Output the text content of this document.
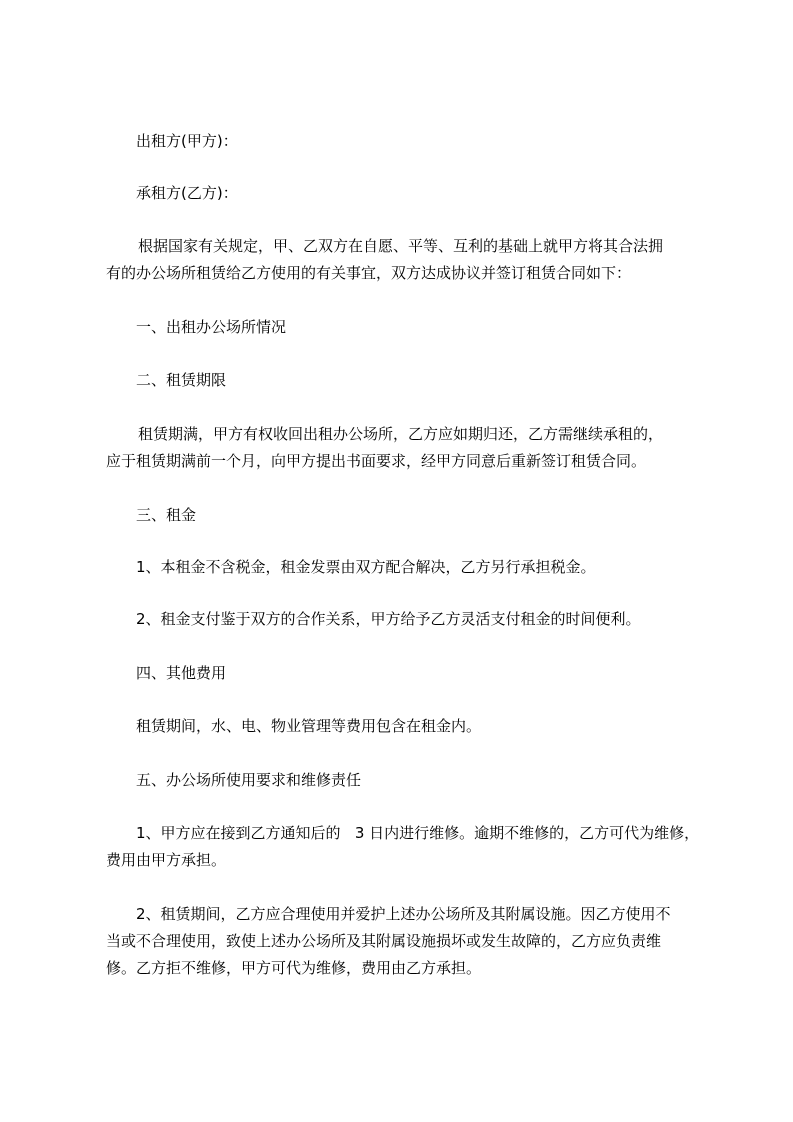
出租方(甲方)：
承租方(乙方)：
根据国家有关规定，甲、乙双方在自愿、平等、互利的基础上就甲方将其合法拥
有的办公场所租赁给乙方使用的有关事宜，双方达成协议并签订租赁合同如下：
一、出租办公场所情况
二、租赁期限
租赁期满，甲方有权收回出租办公场所，乙方应如期归还，乙方需继续承租的，
应于租赁期满前一个月，向甲方提出书面要求，经甲方同意后重新签订租赁合同。
三、租金
1、本租金不含税金，租金发票由双方配合解决，乙方另行承担税金。
2、租金支付鉴于双方的合作关系，甲方给予乙方灵活支付租金的时间便利。
四、其他费用
租赁期间，水、电、物业管理等费用包含在租金内。
五、办公场所使用要求和维修责任
1、甲方应在接到乙方通知后的   3 日内进行维修。逾期不维修的，乙方可代为维修，
费用由甲方承担。
2、租赁期间，乙方应合理使用并爱护上述办公场所及其附属设施。因乙方使用不
当或不合理使用，致使上述办公场所及其附属设施损坏或发生故障的，乙方应负责维
修。乙方拒不维修，甲方可代为维修，费用由乙方承担。
